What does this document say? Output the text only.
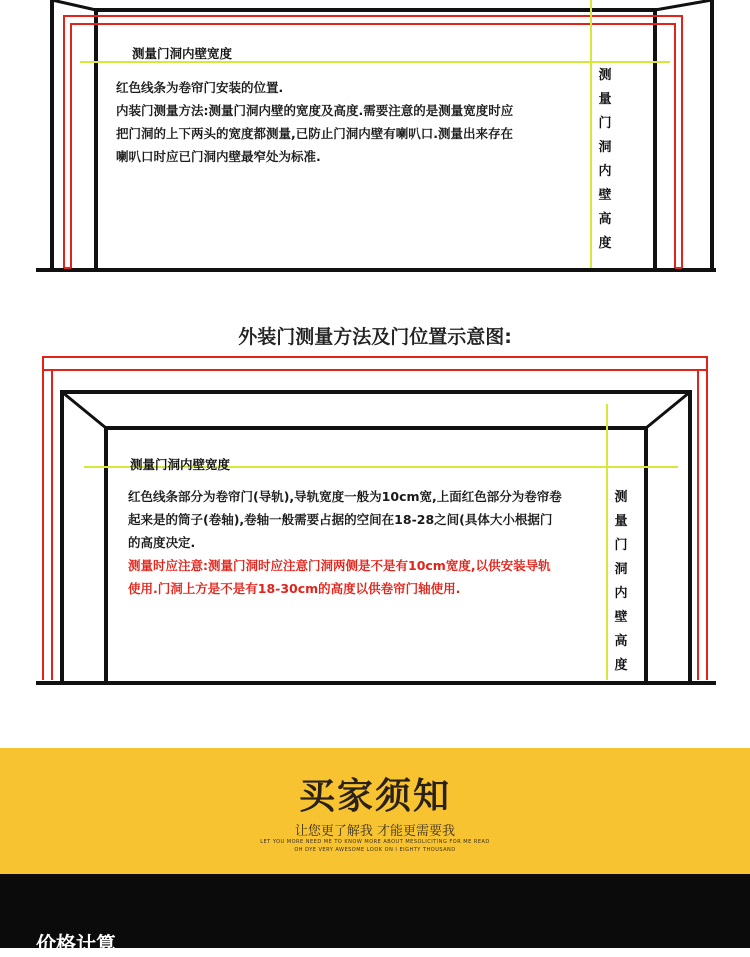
测量门洞内壁宽度
红色线条为卷帘门安装的位置.
内装门测量方法:测量门洞内壁的宽度及高度.需要注意的是测量宽度时应
把门洞的上下两头的宽度都测量,已防止门洞内壁有喇叭口.测量出来存在
喇叭口时应已门洞内壁最窄处为标准.
测
量
门
洞
内
壁
高
度
外装门测量方法及门位置示意图:
测量门洞内壁宽度
红色线条部分为卷帘门(导轨),导轨宽度一般为10cm宽,上面红色部分为卷帘卷
起来是的筒子(卷轴),卷轴一般需要占据的空间在18-28之间(具体大小根据门
的高度决定.
测量时应注意:测量门洞时应注意门洞两侧是不是有10cm宽度,以供安装导轨
使用.门洞上方是不是有18-30cm的高度以供卷帘门轴使用.
测
量
门
洞
内
壁
高
度
买家须知
让您更了解我 才能更需要我
LET YOU MORE NEED ME TO KNOW MORE ABOUT MESOLICITING FOR ME READ
OH DYE VERY AWESOME LOOK ON I EIGHTY THOUSAND
价格计算
